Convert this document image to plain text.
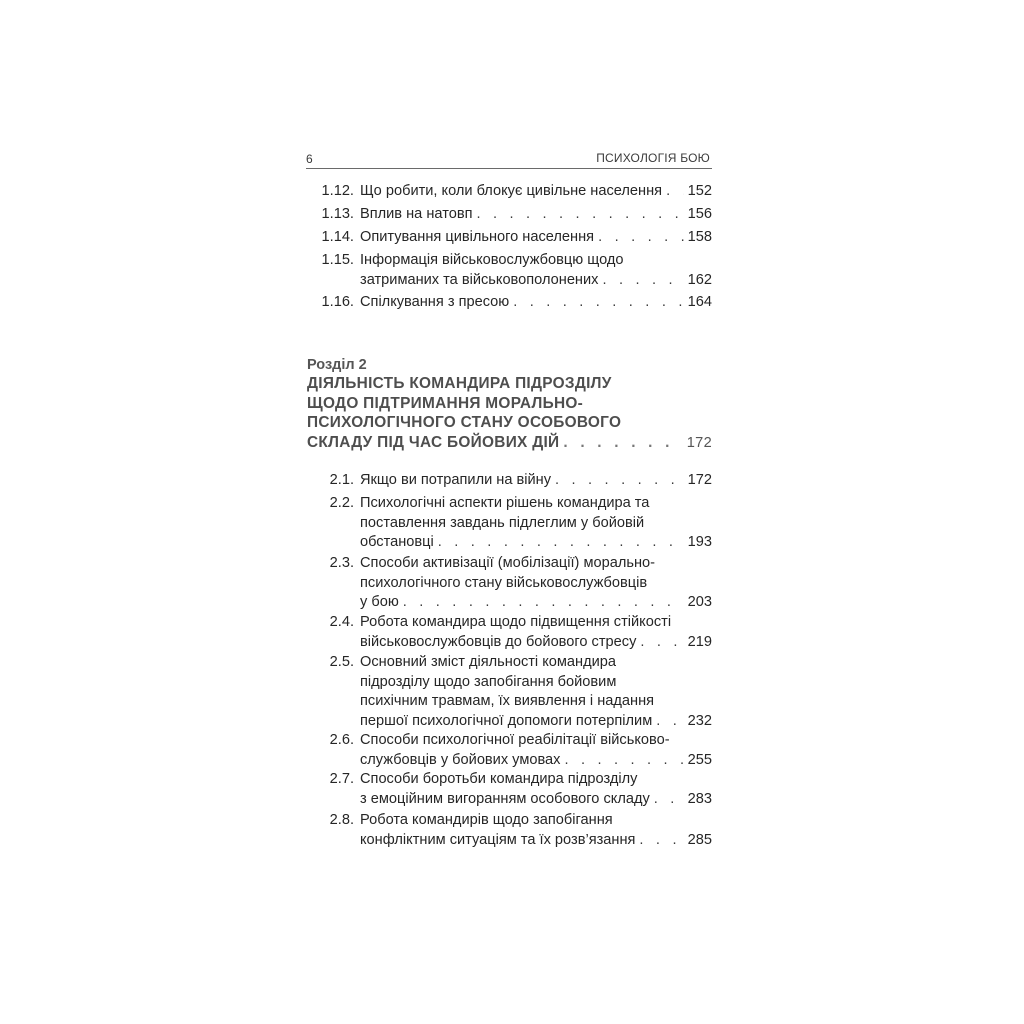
6	ПСИХОЛОГІЯ БОЮ
1.12. Що робити, коли блокує цивільне населення . . . 152
1.13. Вплив на натовп . . .	156
1.14. Опитування цивільного населення . . .	158
1.15. Інформація військовослужбовцю щодо
затриманих та військовополонених . . .	162
1.16. Спілкування з пресою . . .	164
Розділ 2
ДІЯЛЬНІСТЬ КОМАНДИРА ПІДРОЗДІЛУ
ЩОДО ПІДТРИМАННЯ МОРАЛЬНО-
ПСИХОЛОГІЧНОГО СТАНУ ОСОБОВОГО
СКЛАДУ ПІД ЧАС БОЙОВИХ ДІЙ . . .	172
2.1. Якщо ви потрапили на війну . . .	172
2.2. Психологічні аспекти рішень командира та
поставлення завдань підлеглим у бойовій
обстановці . . .	193
2.3. Способи активізації (мобілізації) морально-
психологічного стану військовослужбовців
у бою . . .	203
2.4. Робота командира щодо підвищення стійкості
військовослужбовців до бойового стресу . . .	219
2.5. Основний зміст діяльності командира
підрозділу щодо запобігання бойовим
психічним травмам, їх виявлення і надання
першої психологічної допомоги потерпілим . . . 232
2.6. Способи психологічної реабілітації військово-
службовців у бойових умовах . . .	255
2.7. Способи боротьби командира підрозділу
з емоційним вигоранням особового складу . . .	283
2.8. Робота командирів щодо запобігання
конфліктним ситуаціям та їх розв’язання . . .	285
